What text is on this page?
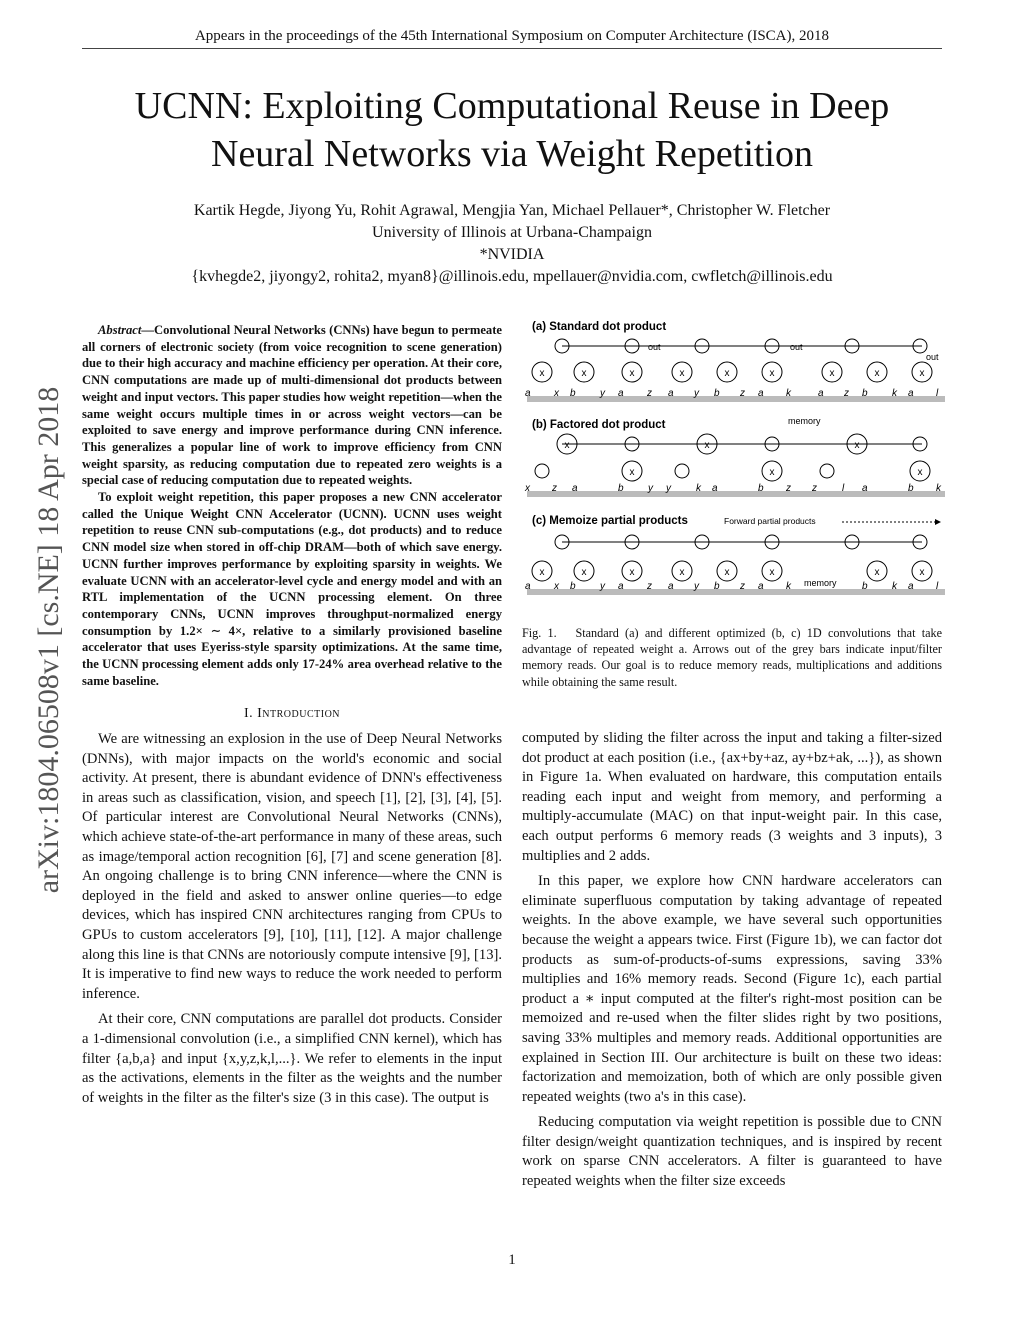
Appears in the proceedings of the 45th International Symposium on Computer Architecture (ISCA), 2018
UCNN: Exploiting Computational Reuse in Deep
Neural Networks via Weight Repetition
Kartik Hegde, Jiyong Yu, Rohit Agrawal, Mengjia Yan, Michael Pellauer*, Christopher W. Fletcher
University of Illinois at Urbana-Champaign
*NVIDIA
{kvhegde2, jiyongy2, rohita2, myan8}@illinois.edu, mpellauer@nvidia.com, cwfletch@illinois.edu
arXiv:1804.06508v1 [cs.NE] 18 Apr 2018

Abstract—Convolutional Neural Networks (CNNs) have begun to permeate all corners of electronic society (from voice recognition to scene generation) due to their high accuracy and machine efficiency per operation. At their core, CNN computations are made up of multi-dimensional dot products between weight and input vectors. This paper studies how weight repetition—when the same weight occurs multiple times in or across weight vectors—can be exploited to save energy and improve performance during CNN inference. This generalizes a popular line of work to improve efficiency from CNN weight sparsity, as reducing computation due to repeated zero weights is a special case of reducing computation due to repeated weights.

To exploit weight repetition, this paper proposes a new CNN accelerator called the Unique Weight CNN Accelerator (UCNN). UCNN uses weight repetition to reuse CNN sub-computations (e.g., dot products) and to reduce CNN model size when stored in off-chip DRAM—both of which save energy. UCNN further improves performance by exploiting sparsity in weights. We evaluate UCNN with an accelerator-level cycle and energy model and with an RTL implementation of the UCNN processing element. On three contemporary CNNs, UCNN improves throughput-normalized energy consumption by 1.2× ∼ 4×, relative to a similarly provisioned baseline accelerator that uses Eyeriss-style sparsity optimizations. At the same time, the UCNN processing element adds only 17-24% area overhead relative to the same baseline.

I. Introduction

We are witnessing an explosion in the use of Deep Neural Networks (DNNs), with major impacts on the world's economic and social activity. At present, there is abundant evidence of DNN's effectiveness in areas such as classification, vision, and speech [1], [2], [3], [4], [5]. Of particular interest are Convolutional Neural Networks (CNNs), which achieve state-of-the-art performance in many of these areas, such as image/temporal action recognition [6], [7] and scene generation [8]. An ongoing challenge is to bring CNN inference—where the CNN is deployed in the field and asked to answer online queries—to edge devices, which has inspired CNN architectures ranging from CPUs to GPUs to custom accelerators [9], [10], [11], [12]. A major challenge along this line is that CNNs are notoriously compute intensive [9], [13]. It is imperative to find new ways to reduce the work needed to perform inference.

At their core, CNN computations are parallel dot products. Consider a 1-dimensional convolution (i.e., a simplified CNN kernel), which has filter {a,b,a} and input {x,y,z,k,l,...}. We refer to elements in the input as the activations, elements in the filter as the weights and the number of weights in the filter as the filter's size (3 in this case). The output is

(a) Standard dot product
out	out
out
x	x	x	x	x	x	x	x	x
a x b y a z a y b z a k	a z b k a l
memory
(b) Factored dot product
x	x	x
x	x	x
x z a	b y y	k a	b z z	l a	b k
(c) Memoize partial products	Forward partial products
x	x	x	x	x	x	x	x
memory
a x b y a z a y b z a k	b k a l
Fig. 1. Standard (a) and different optimized (b, c) 1D convolutions that take advantage of repeated weight a. Arrows out of the grey bars indicate input/filter memory reads. Our goal is to reduce memory reads, multiplications and additions while obtaining the same result.

computed by sliding the filter across the input and taking a filter-sized dot product at each position (i.e., {ax+by+az, ay+bz+ak, ...}), as shown in Figure 1a. When evaluated on hardware, this computation entails reading each input and weight from memory, and performing a multiply-accumulate (MAC) on that input-weight pair. In this case, each output performs 6 memory reads (3 weights and 3 inputs), 3 multiplies and 2 adds.

In this paper, we explore how CNN hardware accelerators can eliminate superfluous computation by taking advantage of repeated weights. In the above example, we have several such opportunities because the weight a appears twice. First (Figure 1b), we can factor dot products as sum-of-products-of-sums expressions, saving 33% multiplies and 16% memory reads. Second (Figure 1c), each partial product a ∗ input computed at the filter's right-most position can be memoized and re-used when the filter slides right by two positions, saving 33% multiples and memory reads. Additional opportunities are explained in Section III. Our architecture is built on these two ideas: factorization and memoization, both of which are only possible given repeated weights (two a's in this case).

Reducing computation via weight repetition is possible due to CNN filter design/weight quantization techniques, and is inspired by recent work on sparse CNN accelerators. A filter is guaranteed to have repeated weights when the filter size exceeds

1
